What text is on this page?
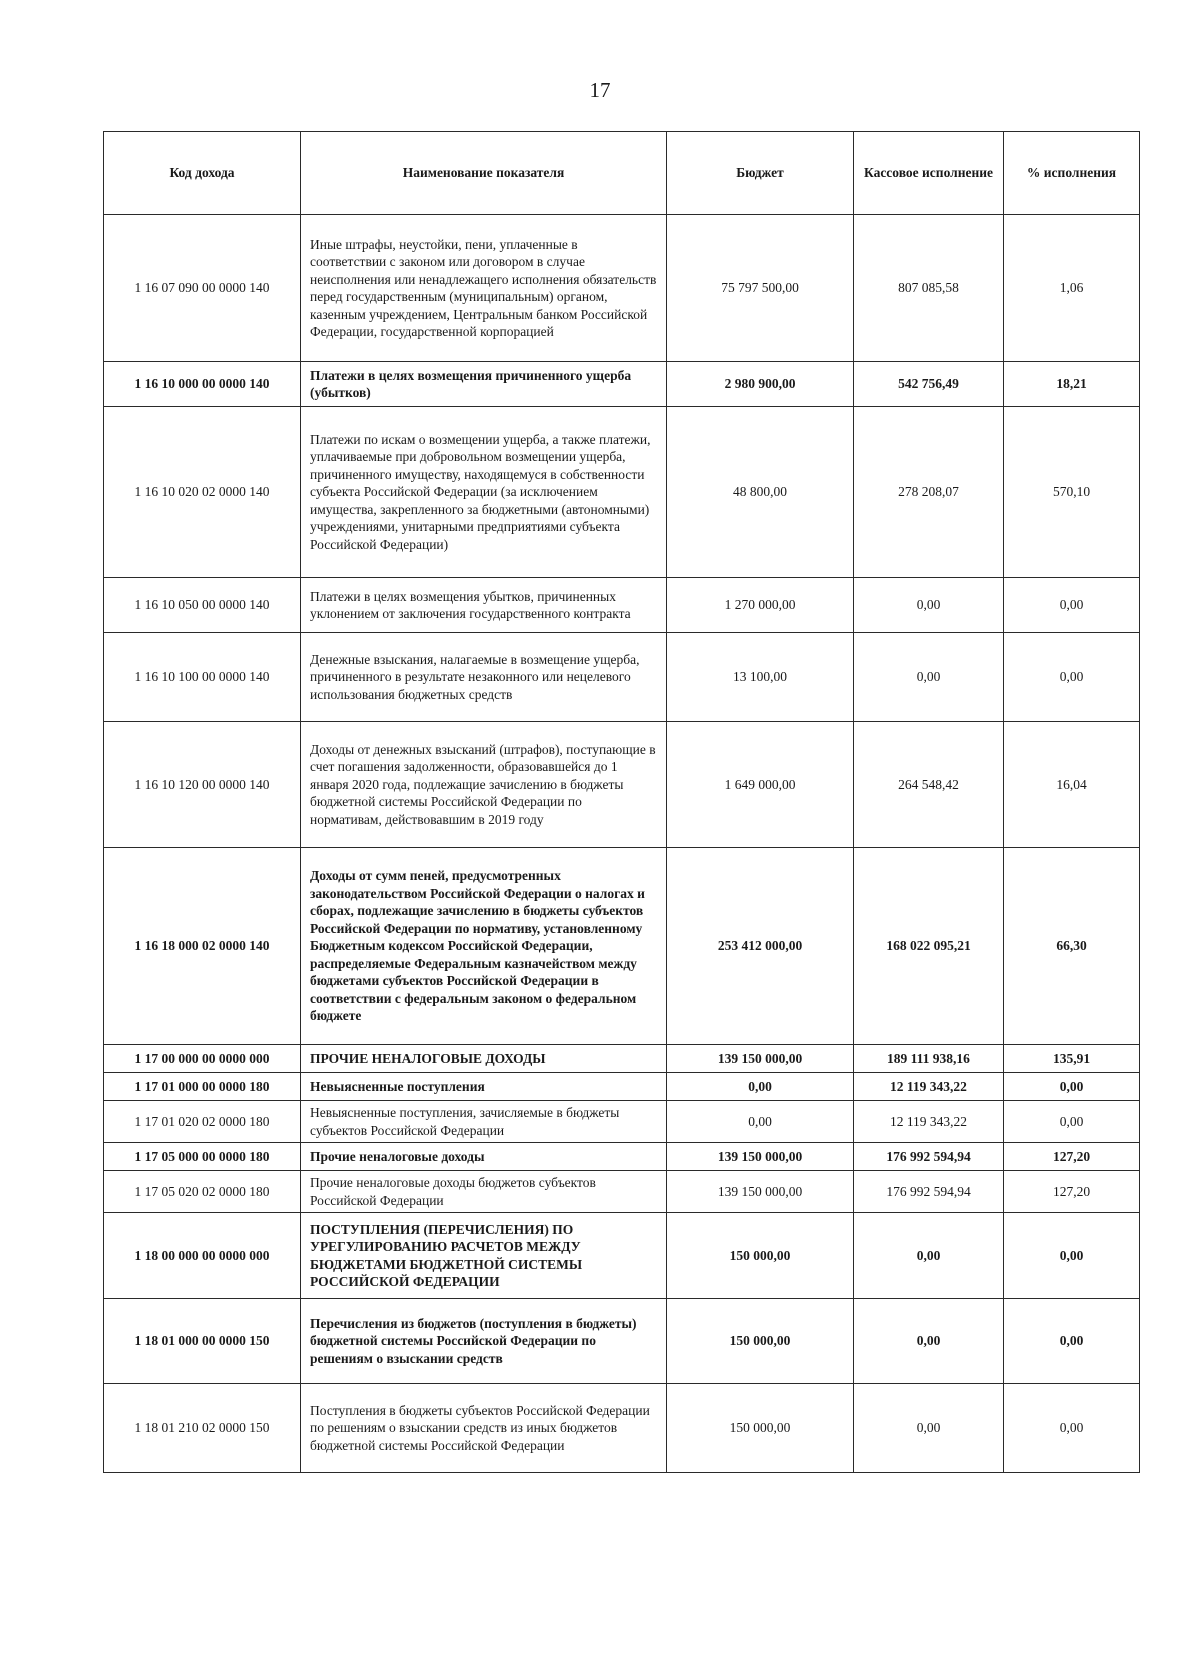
17
Код дохода	Наименование показателя	Бюджет	Кассовое исполнение	% исполнения
1 16 07 090 00 0000 140	Иные штрафы, неустойки, пени, уплаченные в соответствии с законом или договором в случае неисполнения или ненадлежащего исполнения обязательств перед государственным (муниципальным) органом, казенным учреждением, Центральным банком Российской Федерации, государственной корпорацией	75 797 500,00	807 085,58	1,06
1 16 10 000 00 0000 140	Платежи в целях возмещения причиненного ущерба (убытков)	2 980 900,00	542 756,49	18,21
1 16 10 020 02 0000 140	Платежи по искам о возмещении ущерба, а также платежи, уплачиваемые при добровольном возмещении ущерба, причиненного имуществу, находящемуся в собственности субъекта Российской Федерации (за исключением имущества, закрепленного за бюджетными (автономными) учреждениями, унитарными предприятиями субъекта Российской Федерации)	48 800,00	278 208,07	570,10
1 16 10 050 00 0000 140	Платежи в целях возмещения убытков, причиненных уклонением от заключения государственного контракта	1 270 000,00	0,00	0,00
1 16 10 100 00 0000 140	Денежные взыскания, налагаемые в возмещение ущерба, причиненного в результате незаконного или нецелевого использования бюджетных средств	13 100,00	0,00	0,00
1 16 10 120 00 0000 140	Доходы от денежных взысканий (штрафов), поступающие в счет погашения задолженности, образовавшейся до 1 января 2020 года, подлежащие зачислению в бюджеты бюджетной системы Российской Федерации по нормативам, действовавшим в 2019 году	1 649 000,00	264 548,42	16,04
1 16 18 000 02 0000 140	Доходы от сумм пеней, предусмотренных законодательством Российской Федерации о налогах и сборах, подлежащие зачислению в бюджеты субъектов Российской Федерации по нормативу, установленному Бюджетным кодексом Российской Федерации, распределяемые Федеральным казначейством между бюджетами субъектов Российской Федерации в соответствии с федеральным законом о федеральном бюджете	253 412 000,00	168 022 095,21	66,30
1 17 00 000 00 0000 000	ПРОЧИЕ НЕНАЛОГОВЫЕ ДОХОДЫ	139 150 000,00	189 111 938,16	135,91
1 17 01 000 00 0000 180	Невыясненные поступления	0,00	12 119 343,22	0,00
1 17 01 020 02 0000 180	Невыясненные поступления, зачисляемые в бюджеты субъектов Российской Федерации	0,00	12 119 343,22	0,00
1 17 05 000 00 0000 180	Прочие неналоговые доходы	139 150 000,00	176 992 594,94	127,20
1 17 05 020 02 0000 180	Прочие неналоговые доходы бюджетов субъектов Российской Федерации	139 150 000,00	176 992 594,94	127,20
1 18 00 000 00 0000 000	ПОСТУПЛЕНИЯ (ПЕРЕЧИСЛЕНИЯ) ПО УРЕГУЛИРОВАНИЮ РАСЧЕТОВ МЕЖДУ БЮДЖЕТАМИ БЮДЖЕТНОЙ СИСТЕМЫ РОССИЙСКОЙ ФЕДЕРАЦИИ	150 000,00	0,00	0,00
1 18 01 000 00 0000 150	Перечисления из бюджетов (поступления в бюджеты) бюджетной системы Российской Федерации по решениям о взыскании средств	150 000,00	0,00	0,00
1 18 01 210 02 0000 150	Поступления в бюджеты субъектов Российской Федерации по решениям о взыскании средств из иных бюджетов бюджетной системы Российской Федерации	150 000,00	0,00	0,00
